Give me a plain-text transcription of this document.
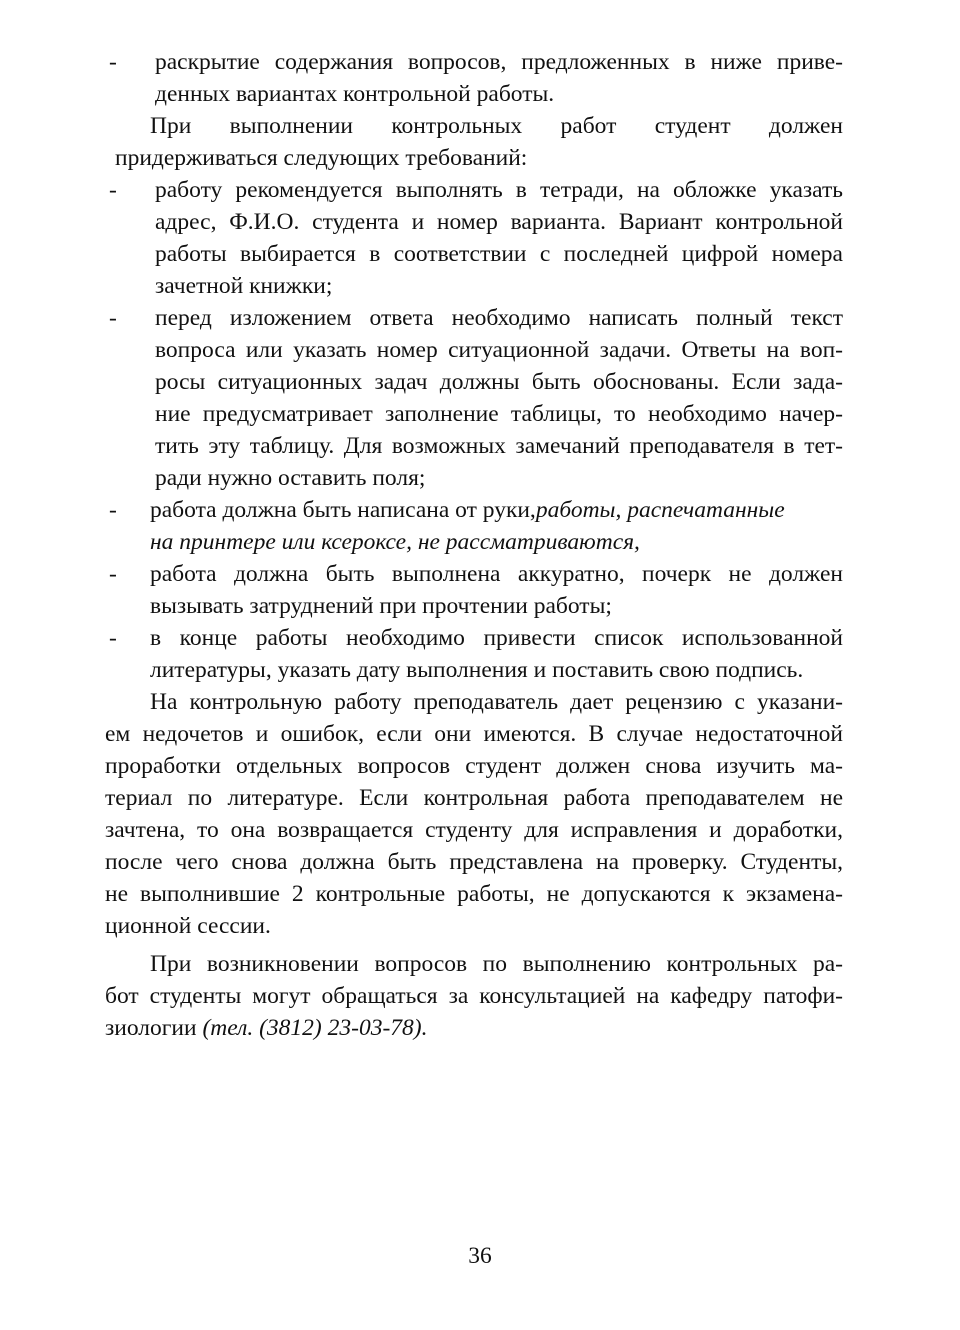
-	раскрытие содержания вопросов, предложенных в ниже приве-
денных вариантах контрольной работы.
При выполнении контрольных работ студент должен
придерживаться следующих требований:
-	работу рекомендуется выполнять в тетради, на обложке указать
адрес, Ф.И.О. студента и номер варианта. Вариант контрольной
работы выбирается в соответствии с последней цифрой номера
зачетной книжки;
-	перед изложением ответа необходимо написать полный текст
вопроса или указать номер ситуационной задачи. Ответы на воп-
росы ситуационных задач должны быть обоснованы. Если зада-
ние предусматривает заполнение таблицы, то необходимо начер-
тить эту таблицу. Для возможных замечаний преподавателя в тет-
ради нужно оставить поля;
-	работа должна быть написана от руки,работы, распечатанные
на принтере или ксероксе, не рассматриваются,
-	работа должна быть выполнена аккуратно, почерк не должен
вызывать затруднений при прочтении работы;
-	в конце работы необходимо привести список использованной
литературы, указать дату выполнения и поставить свою подпись.
На контрольную работу преподаватель дает рецензию с указани-
ем недочетов и ошибок, если они имеются. В случае недостаточной
проработки отдельных вопросов студент должен снова изучить ма-
териал по литературе. Если контрольная работа преподавателем не
зачтена, то она возвращается студенту для исправления и доработки,
после чего снова должна быть представлена на проверку. Студенты,
не выполнившие 2 контрольные работы, не допускаются к экзамена-
ционной сессии.
При возникновении вопросов по выполнению контрольных ра-
бот студенты могут обращаться за консультацией на кафедру патофи-
зиологии (тел. (3812) 23-03-78).
36
